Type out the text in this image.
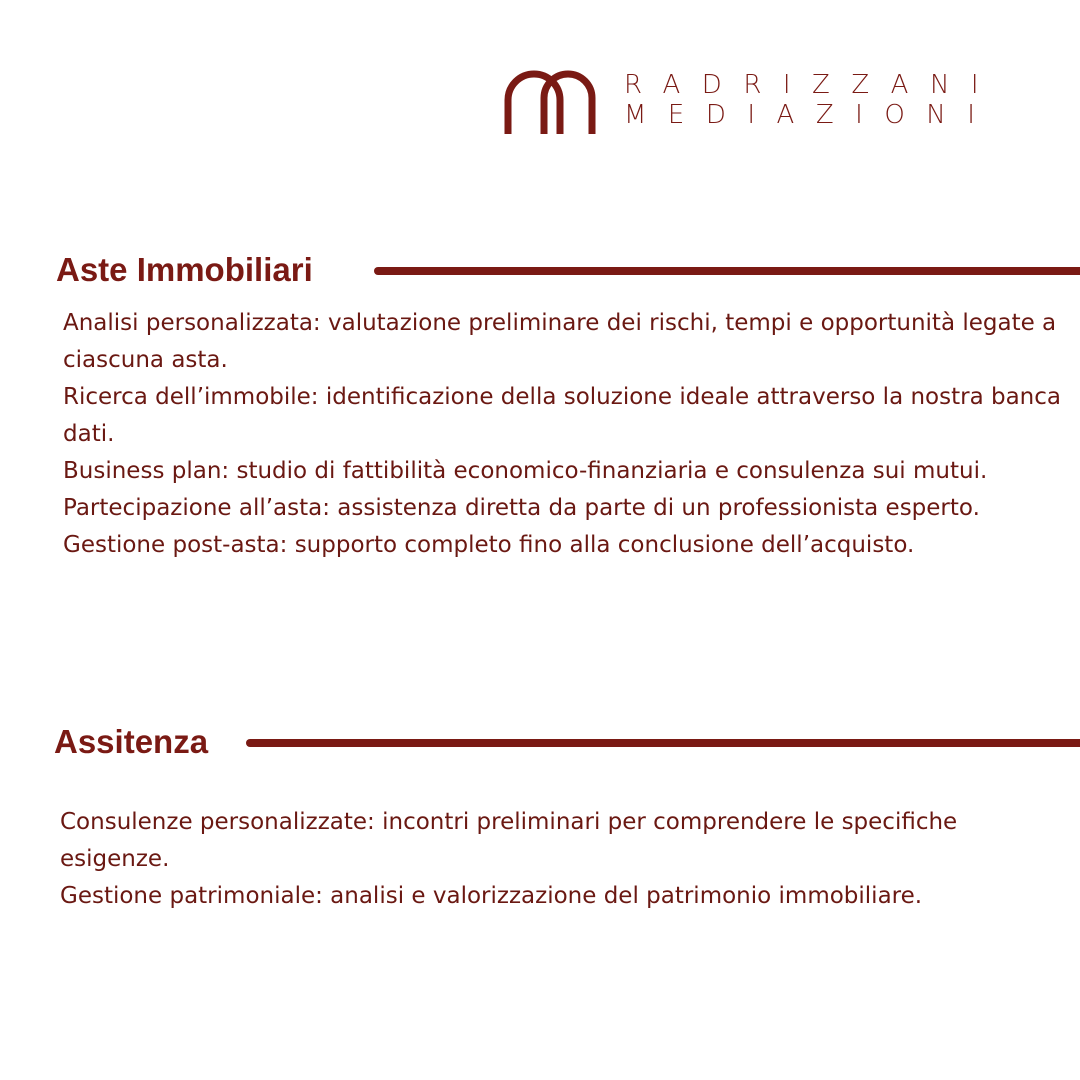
RADRIZZANI
MEDIAZIONI
Aste Immobiliari

Analisi personalizzata: valutazione preliminare dei rischi, tempi e opportunità legate a ciascuna asta.

Ricerca dell’immobile: identificazione della soluzione ideale attraverso la nostra banca dati.

Business plan: studio di fattibilità economico-finanziaria e consulenza sui mutui.

Partecipazione all’asta: assistenza diretta da parte di un professionista esperto.

Gestione post-asta: supporto completo fino alla conclusione dell’acquisto.

Assitenza

Consulenze personalizzate: incontri preliminari per comprendere le specifiche esigenze.

Gestione patrimoniale: analisi e valorizzazione del patrimonio immobiliare.
